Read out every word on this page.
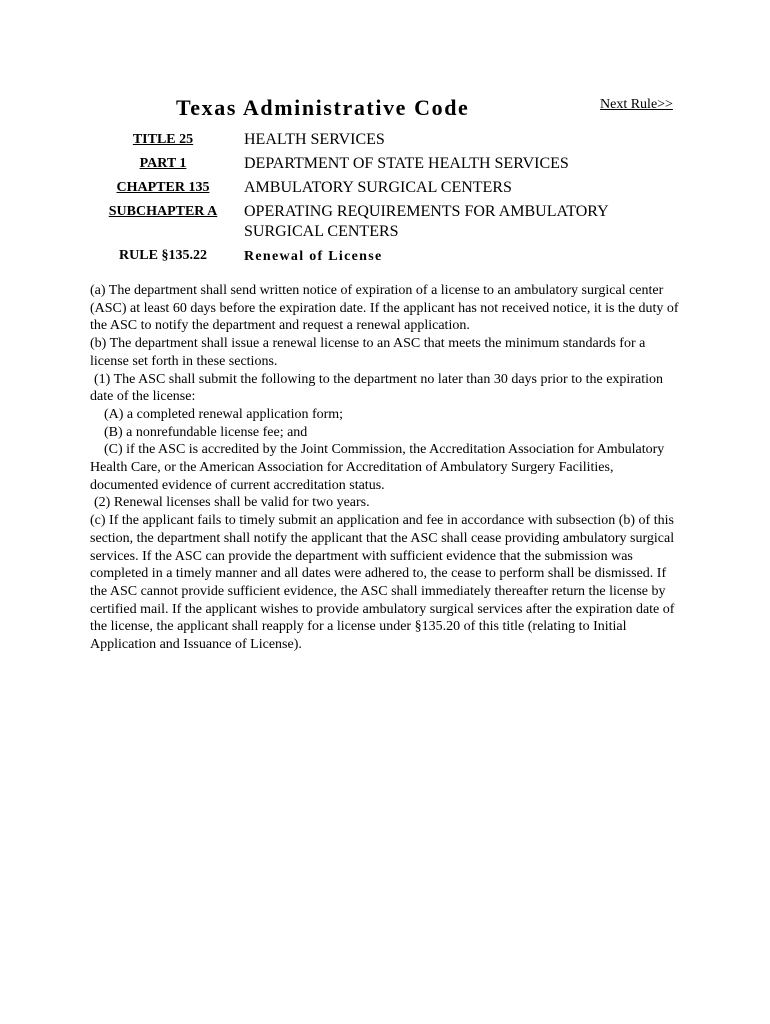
Texas Administrative Code	Next Rule>>
TITLE 25	HEALTH SERVICES
PART 1	DEPARTMENT OF STATE HEALTH SERVICES
CHAPTER 135	AMBULATORY SURGICAL CENTERS
SUBCHAPTER A	OPERATING REQUIREMENTS FOR AMBULATORY SURGICAL CENTERS
RULE §135.22	Renewal of License

(a) The department shall send written notice of expiration of a license to an ambulatory surgical center (ASC) at least 60 days before the expiration date. If the applicant has not received notice, it is the duty of the ASC to notify the department and request a renewal application.

(b) The department shall issue a renewal license to an ASC that meets the minimum standards for a license set forth in these sections.

(1) The ASC shall submit the following to the department no later than 30 days prior to the expiration date of the license:

(A) a completed renewal application form;

(B) a nonrefundable license fee; and

(C) if the ASC is accredited by the Joint Commission, the Accreditation Association for Ambulatory Health Care, or the American Association for Accreditation of Ambulatory Surgery Facilities, documented evidence of current accreditation status.

(2) Renewal licenses shall be valid for two years.

(c) If the applicant fails to timely submit an application and fee in accordance with subsection (b) of this section, the department shall notify the applicant that the ASC shall cease providing ambulatory surgical services. If the ASC can provide the department with sufficient evidence that the submission was completed in a timely manner and all dates were adhered to, the cease to perform shall be dismissed. If the ASC cannot provide sufficient evidence, the ASC shall immediately thereafter return the license by certified mail. If the applicant wishes to provide ambulatory surgical services after the expiration date of the license, the applicant shall reapply for a license under §135.20 of this title (relating to Initial Application and Issuance of License).
